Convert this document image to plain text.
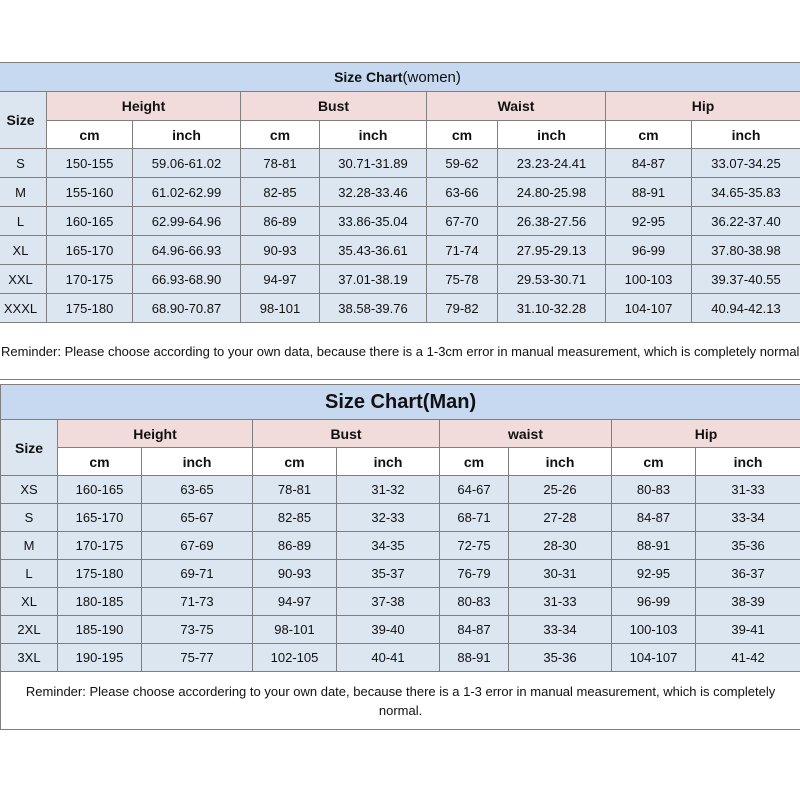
Size Chart(women)								
Size	Height		Bust		Waist		Hip	
	cm	inch	cm	inch	cm	inch	cm	inch
S	150-155	59.06-61.02	78-81	30.71-31.89	59-62	23.23-24.41	84-87	33.07-34.25
M	155-160	61.02-62.99	82-85	32.28-33.46	63-66	24.80-25.98	88-91	34.65-35.83
L	160-165	62.99-64.96	86-89	33.86-35.04	67-70	26.38-27.56	92-95	36.22-37.40
XL	165-170	64.96-66.93	90-93	35.43-36.61	71-74	27.95-29.13	96-99	37.80-38.98
XXL	170-175	66.93-68.90	94-97	37.01-38.19	75-78	29.53-30.71	100-103	39.37-40.55
XXXL	175-180	68.90-70.87	98-101	38.58-39.76	79-82	31.10-32.28	104-107	40.94-42.13
Reminder: Please choose according to your own data, because there is a 1-3cm error in manual measurement, which is completely normal								
Size Chart(Man)								
Size	Height		Bust		waist		Hip	
	cm	inch	cm	inch	cm	inch	cm	inch
XS	160-165	63-65	78-81	31-32	64-67	25-26	80-83	31-33
S	165-170	65-67	82-85	32-33	68-71	27-28	84-87	33-34
M	170-175	67-69	86-89	34-35	72-75	28-30	88-91	35-36
L	175-180	69-71	90-93	35-37	76-79	30-31	92-95	36-37
XL	180-185	71-73	94-97	37-38	80-83	31-33	96-99	38-39
2XL	185-190	73-75	98-101	39-40	84-87	33-34	100-103	39-41
3XL	190-195	75-77	102-105	40-41	88-91	35-36	104-107	41-42
Reminder: Please choose accordering to your own date, because there is a 1-3 error in manual measurement, which is completely normal.								
